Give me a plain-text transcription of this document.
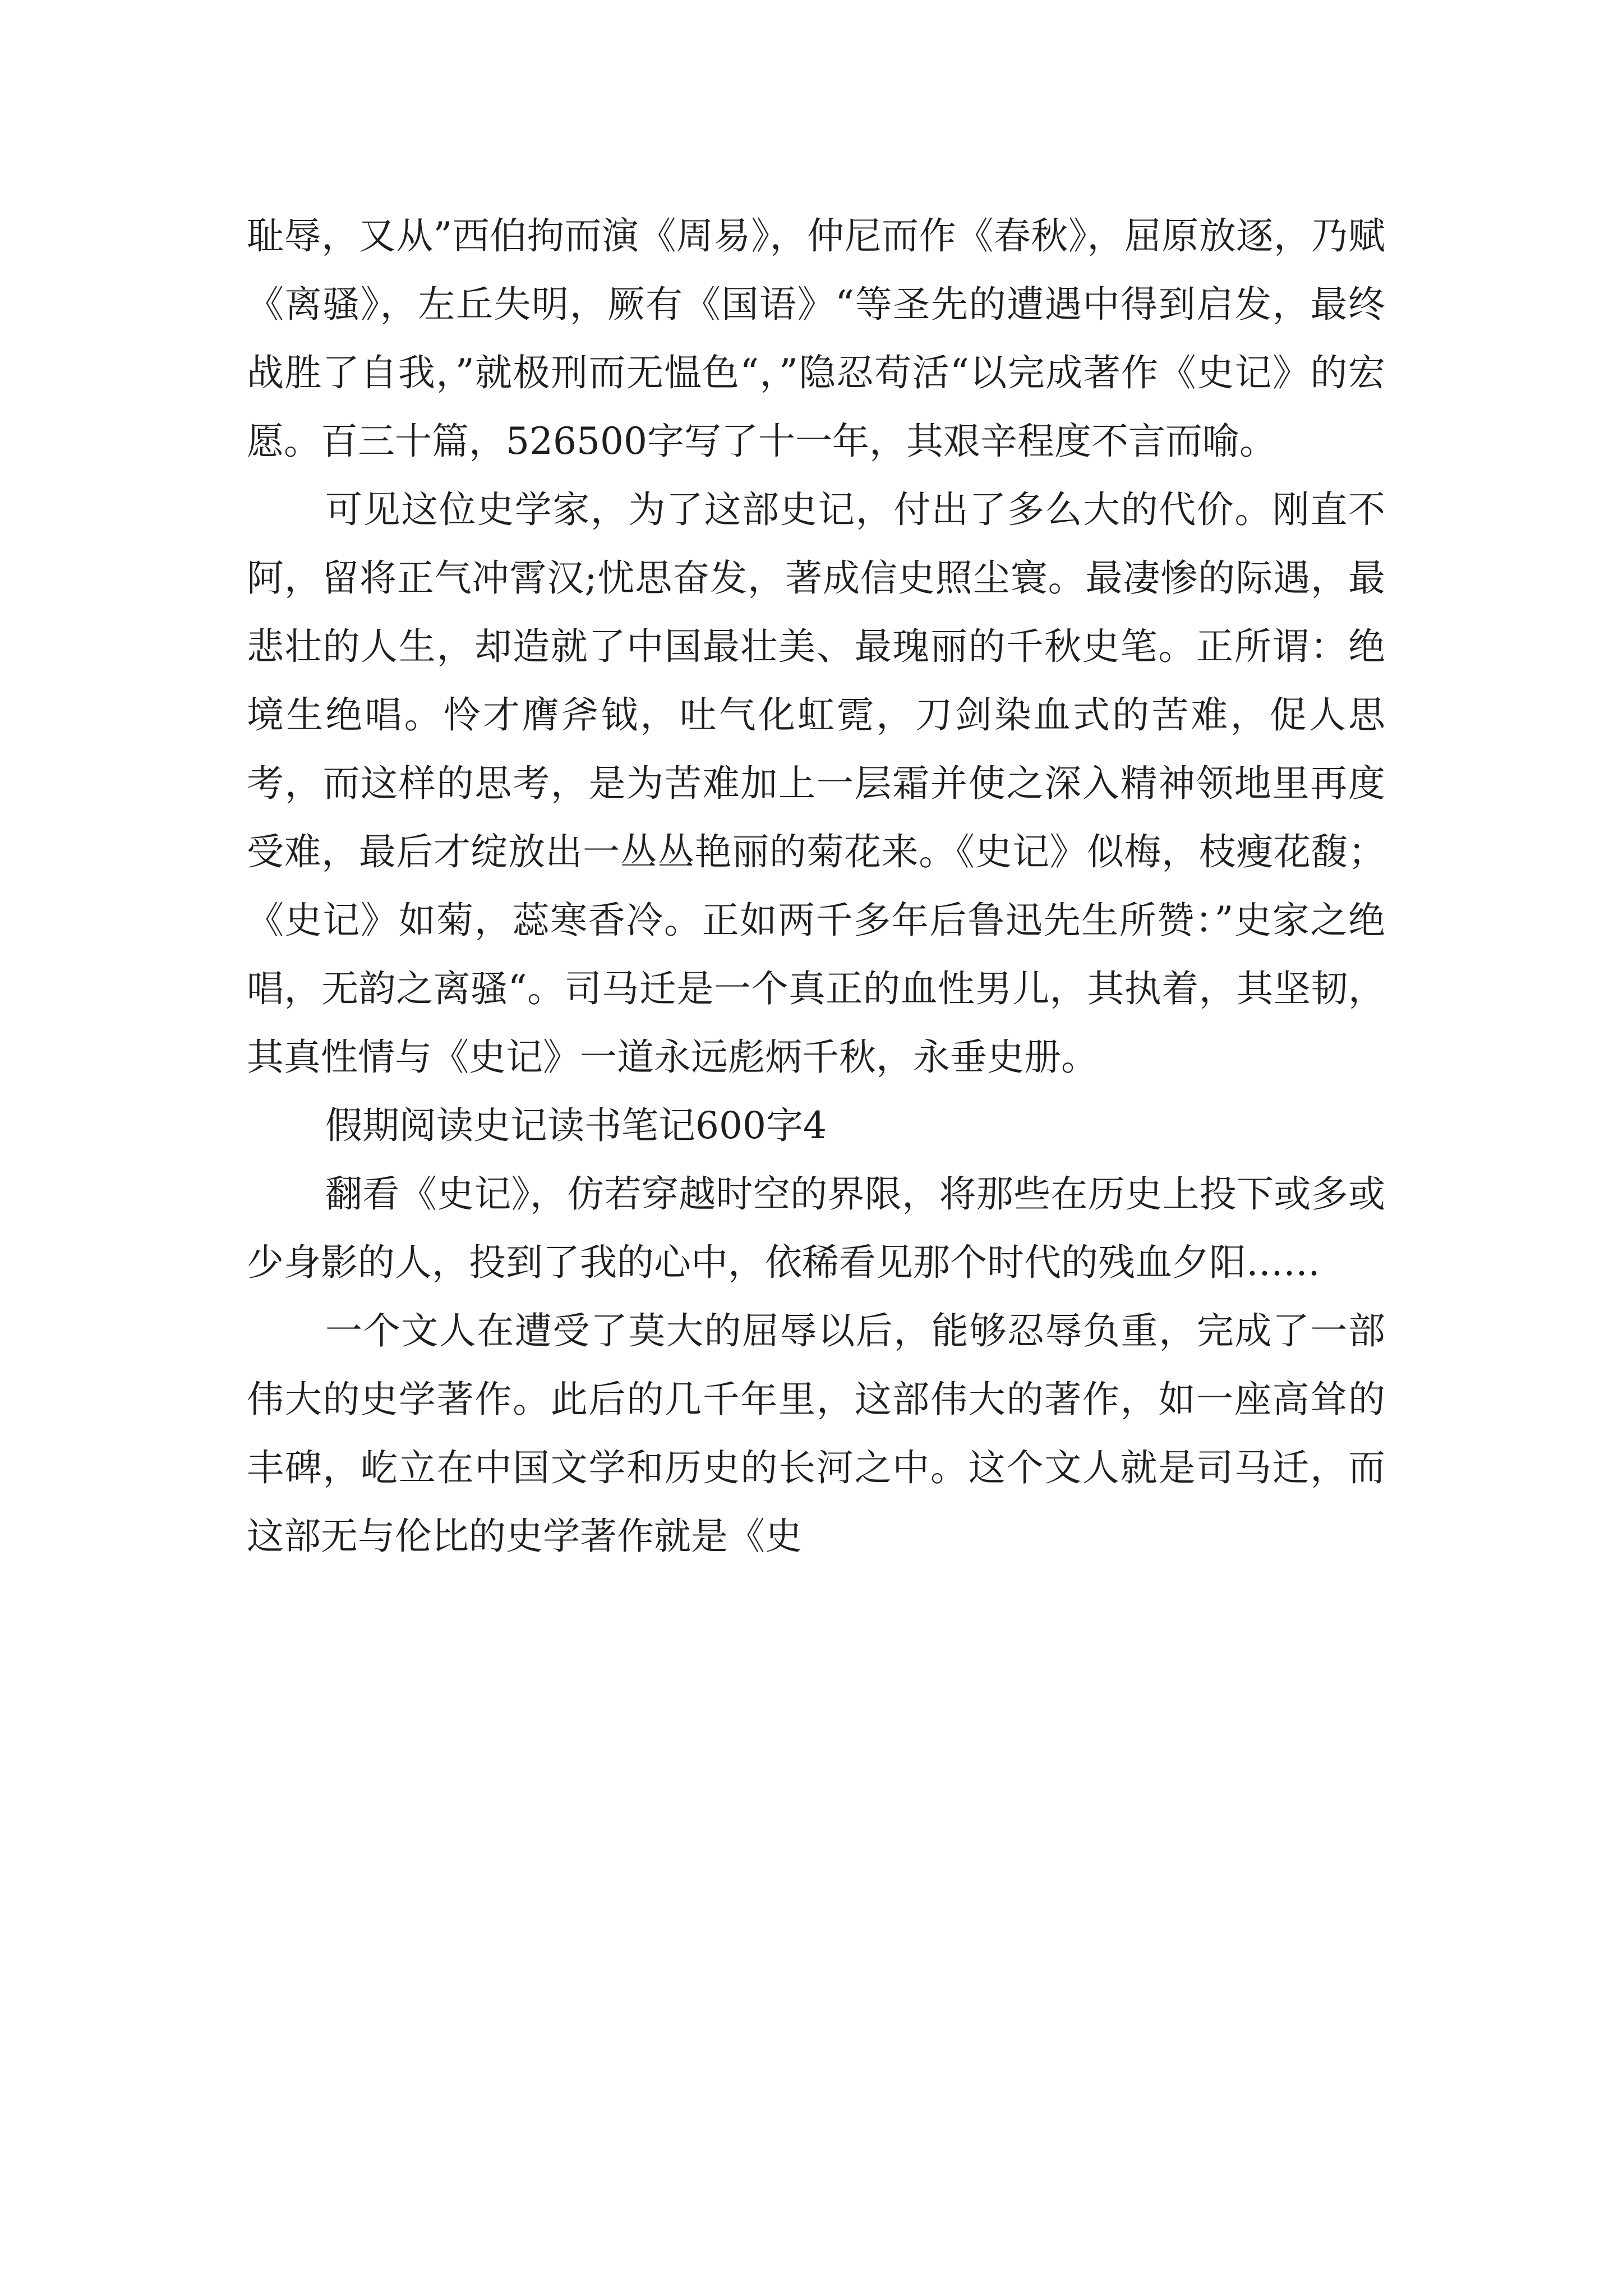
耻辱，又从”西伯拘而演《周易》，仲尼而作《春秋》，屈原放逐，乃赋《离骚》，左丘失明，厥有《国语》“等圣先的遭遇中得到启发，最终战胜了自我，”就极刑而无愠色“，”隐忍苟活“以完成著作《史记》的宏愿。百三十篇，526500字写了十一年，其艰辛程度不言而喻。

可见这位史学家，为了这部史记，付出了多么大的代价。刚直不阿，留将正气冲霄汉;忧思奋发，著成信史照尘寰。最凄惨的际遇，最悲壮的人生，却造就了中国最壮美、最瑰丽的千秋史笔。正所谓：绝境生绝唱。怜才膺斧钺，吐气化虹霓，刀剑染血式的苦难，促人思考，而这样的思考，是为苦难加上一层霜并使之深入精神领地里再度受难，最后才绽放出一丛丛艳丽的菊花来。《史记》似梅，枝瘦花馥；《史记》如菊，蕊寒香冷。正如两千多年后鲁迅先生所赞：”史家之绝唱，无韵之离骚“。司马迁是一个真正的血性男儿，其执着，其坚韧，其真性情与《史记》一道永远彪炳千秋，永垂史册。

假期阅读史记读书笔记600字4

翻看《史记》，仿若穿越时空的界限，将那些在历史上投下或多或少身影的人，投到了我的心中，依稀看见那个时代的残血夕阳……

一个文人在遭受了莫大的屈辱以后，能够忍辱负重，完成了一部伟大的史学著作。此后的几千年里，这部伟大的著作，如一座高耸的丰碑，屹立在中国文学和历史的长河之中。这个文人就是司马迁，而这部无与伦比的史学著作就是《史
